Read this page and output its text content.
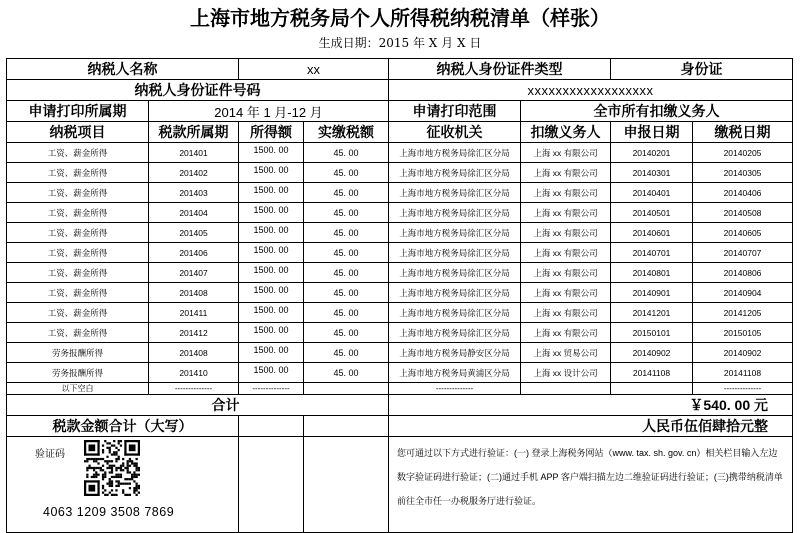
上海市地方税务局个人所得税纳税清单（样张）
生成日期：2015 年 X 月 X 日
纳税人名称		xx		纳税人身份证件类型		身份证	
纳税人身份证件号码				xxxxxxxxxxxxxxxxxx			
申请打印所属期	2014 年 1 月-12 月			申请打印范围	全市所有扣缴义务人		
纳税项目	税款所属期	所得额	实缴税额	征收机关	扣缴义务人	申报日期	缴税日期
工资、薪金所得	201401	1500. 00	45. 00	上海市地方税务局徐汇区分局	上海 xx 有限公司	20140201	20140205
工资、薪金所得	201402	1500. 00	45. 00	上海市地方税务局徐汇区分局	上海 xx 有限公司	20140301	20140305
工资、薪金所得	201403	1500. 00	45. 00	上海市地方税务局徐汇区分局	上海 xx 有限公司	20140401	20140406
工资、薪金所得	201404	1500. 00	45. 00	上海市地方税务局徐汇区分局	上海 xx 有限公司	20140501	20140508
工资、薪金所得	201405	1500. 00	45. 00	上海市地方税务局徐汇区分局	上海 xx 有限公司	20140601	20140605
工资、薪金所得	201406	1500. 00	45. 00	上海市地方税务局徐汇区分局	上海 xx 有限公司	20140701	20140707
工资、薪金所得	201407	1500. 00	45. 00	上海市地方税务局徐汇区分局	上海 xx 有限公司	20140801	20140806
工资、薪金所得	201408	1500. 00	45. 00	上海市地方税务局徐汇区分局	上海 xx 有限公司	20140901	20140904
工资、薪金所得	201411	1500. 00	45. 00	上海市地方税务局徐汇区分局	上海 xx 有限公司	20141201	20141205
工资、薪金所得	201412	1500. 00	45. 00	上海市地方税务局徐汇区分局	上海 xx 有限公司	20150101	20150105
劳务报酬所得	201408	1500. 00	45. 00	上海市地方税务局静安区分局	上海 xx 贸易公司	20140902	20140902
劳务报酬所得	201410	1500. 00	45. 00	上海市地方税务局黄浦区分局	上海 xx 设计公司	20141108	20141108
以下空白	--------------	--------------		--------------			--------------
合计				￥540. 00 元			
税款金额合计（大写）				人民币伍佰肆拾元整			

验证码
4063 1209 3508 7869				您可通过以下方式进行验证：(一) 登录上海税务网站（www. tax. sh. gov. cn）相关栏目输入左边数字验证码进行验证；(二)通过手机 APP 客户端扫描左边二维验证码进行验证；(三)携带纳税清单前往全市任一办税服务厅进行验证。			
